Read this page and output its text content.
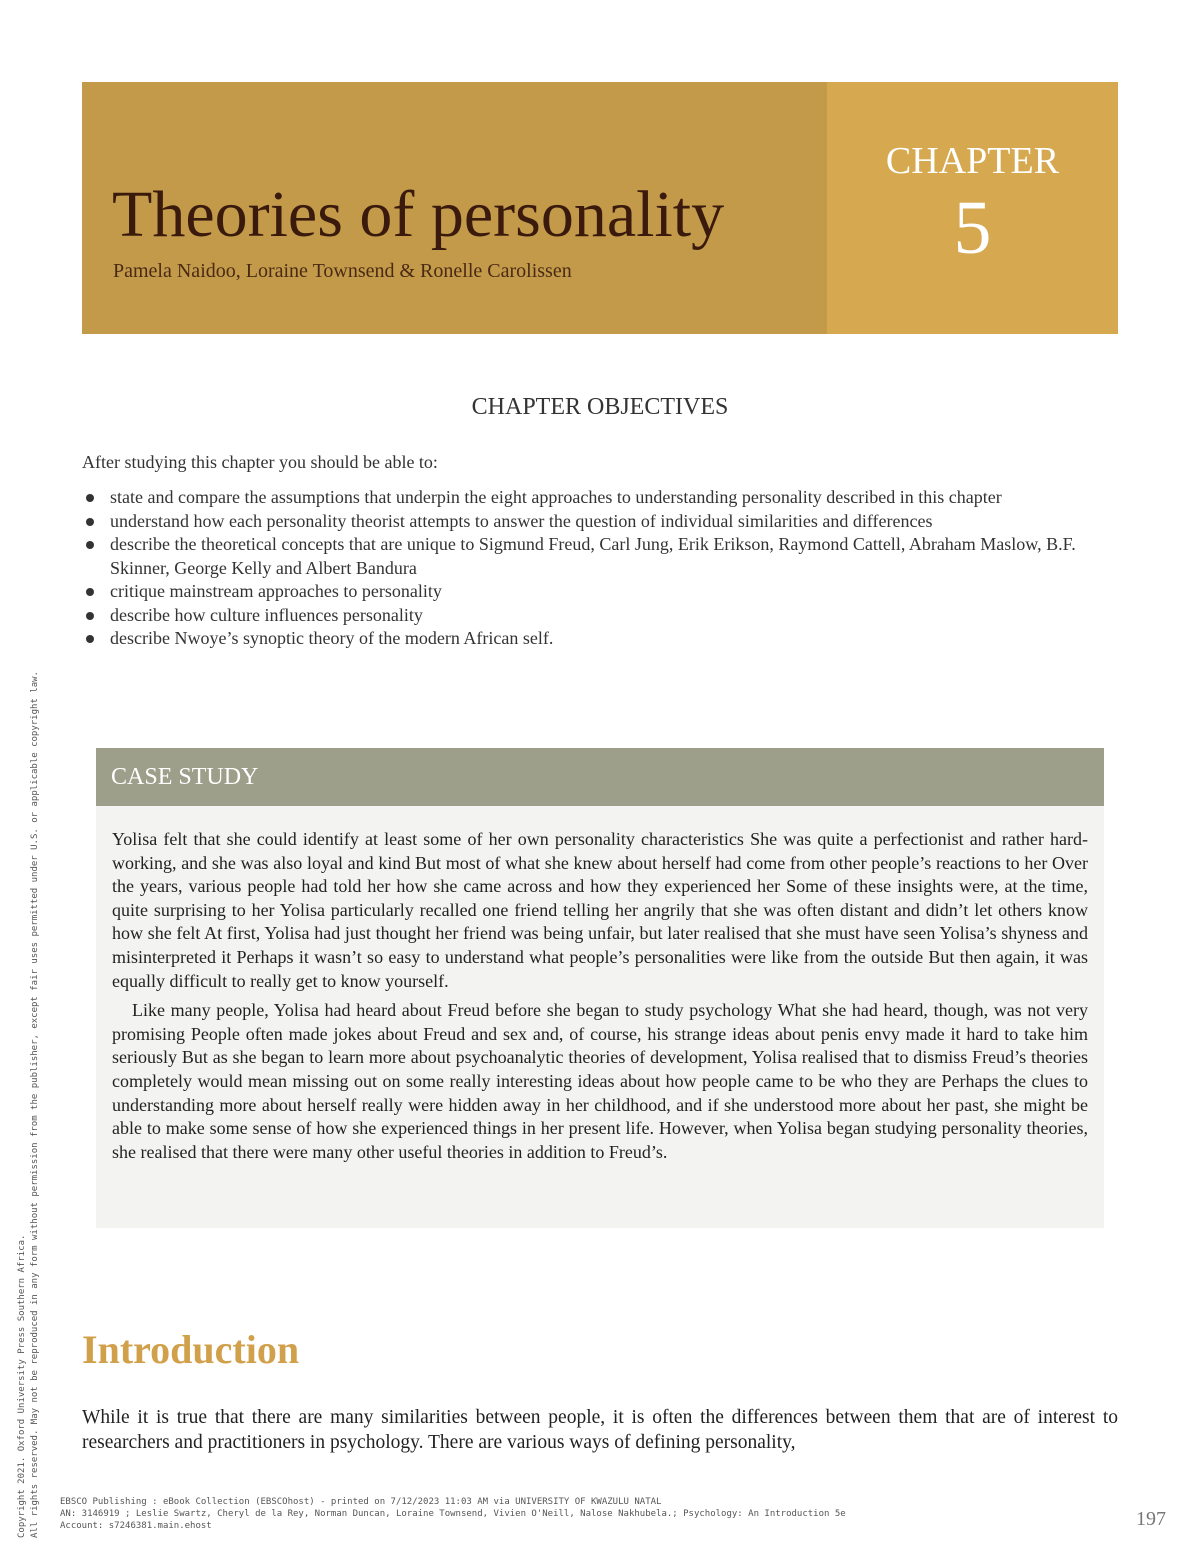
Theories of personality

Pamela Naidoo, Loraine Townsend & Ronelle Carolissen

CHAPTER
5
CHAPTER OBJECTIVES

After studying this chapter you should be able to:

state and compare the assumptions that underpin the eight approaches to understanding personality described in this chapter
understand how each personality theorist attempts to answer the question of individual similarities and differences
describe the theoretical concepts that are unique to Sigmund Freud, Carl Jung, Erik Erikson, Raymond Cattell, Abraham Maslow, B.F. Skinner, George Kelly and Albert Bandura
critique mainstream approaches to personality
describe how culture influences personality
describe Nwoye’s synoptic theory of the modern African self.
CASE STUDY

Yolisa felt that she could identify at least some of her own personality characteristics She was quite a perfectionist and rather hard-working, and she was also loyal and kind But most of what she knew about herself had come from other people’s reactions to her Over the years, various people had told her how she came across and how they experienced her Some of these insights were, at the time, quite surprising to her Yolisa particularly recalled one friend telling her angrily that she was often distant and didn’t let others know how she felt At first, Yolisa had just thought her friend was being unfair, but later realised that she must have seen Yolisa’s shyness and misinterpreted it Perhaps it wasn’t so easy to understand what people’s personalities were like from the outside But then again, it was equally difficult to really get to know yourself.

Like many people, Yolisa had heard about Freud before she began to study psychology What she had heard, though, was not very promising People often made jokes about Freud and sex and, of course, his strange ideas about penis envy made it hard to take him seriously But as she began to learn more about psychoanalytic theories of development, Yolisa realised that to dismiss Freud’s theories completely would mean missing out on some really interesting ideas about how people came to be who they are Perhaps the clues to understanding more about herself really were hidden away in her childhood, and if she understood more about her past, she might be able to make some sense of how she experienced things in her present life. However, when Yolisa began studying personality theories, she realised that there were many other useful theories in addition to Freud’s.

Introduction

While it is true that there are many similarities between people, it is often the differences between them that are of interest to researchers and practitioners in psychology. There are various ways of defining personality,

Copyright 2021. Oxford University Press Southern Africa. All rights reserved. May not be reproduced in any form without permission from the publisher, except fair uses permitted under U.S. or applicable copyright law. EBSCO Publishing : eBook Collection (EBSCOhost) - printed on 7/12/2023 11:03 AM via UNIVERSITY OF KWAZULU NATAL
AN: 3146919 ; Leslie Swartz, Cheryl de la Rey, Norman Duncan, Loraine Townsend, Vivien O'Neill, Nalose Nakhubela.; Psychology: An Introduction 5e
Account: s7246381.main.ehost	197
